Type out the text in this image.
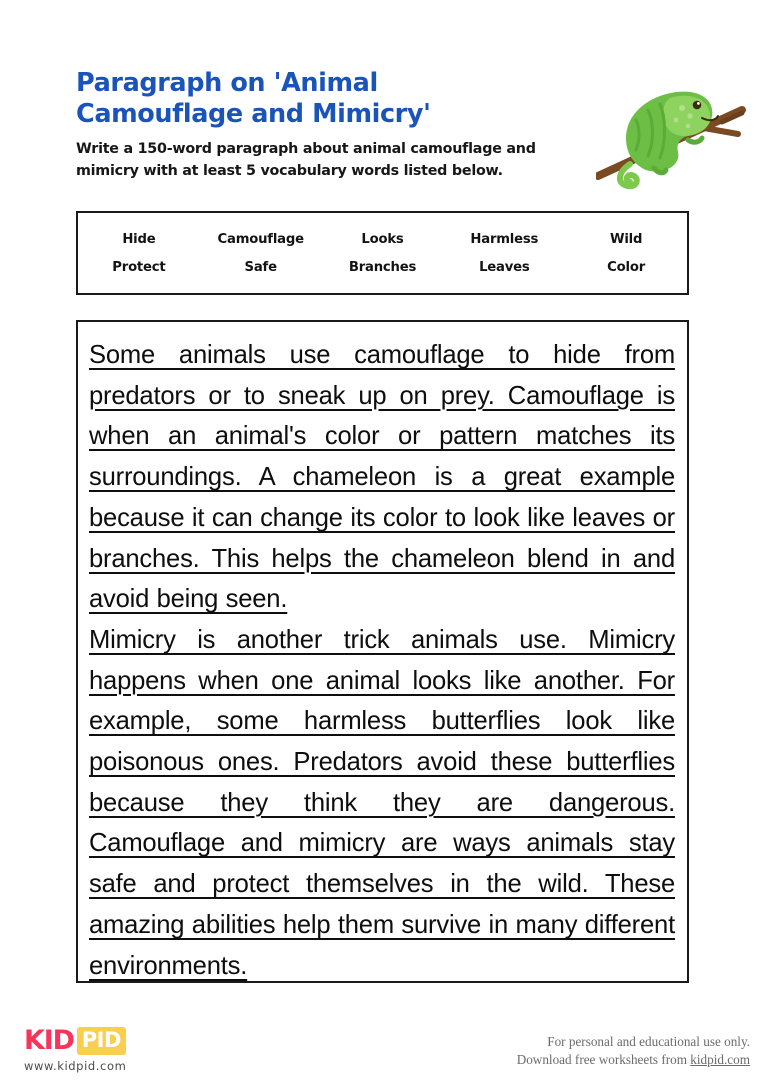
Paragraph on 'Animal Camouflage and Mimicry'

Write a 150-word paragraph about animal camouflage and mimicry with at least 5 vocabulary words listed below.

Hide	Camouflage	Looks	Harmless	Wild
Protect	Safe	Branches	Leaves	Color

Some animals use camouflage to hide from predators or to sneak up on prey. Camouflage is when an animal's color or pattern matches its surroundings. A chameleon is a great example because it can change its color to look like leaves or branches. This helps the chameleon blend in and avoid being seen.

Mimicry is another trick animals use. Mimicry happens when one animal looks like another. For example, some harmless butterflies look like poisonous ones. Predators avoid these butterflies because they think they are dangerous. Camouflage and mimicry are ways animals stay safe and protect themselves in the wild. These amazing abilities help them survive in many different environments.

KID PID
www.kidpid.com
For personal and educational use only.
Download free worksheets from kidpid.com
